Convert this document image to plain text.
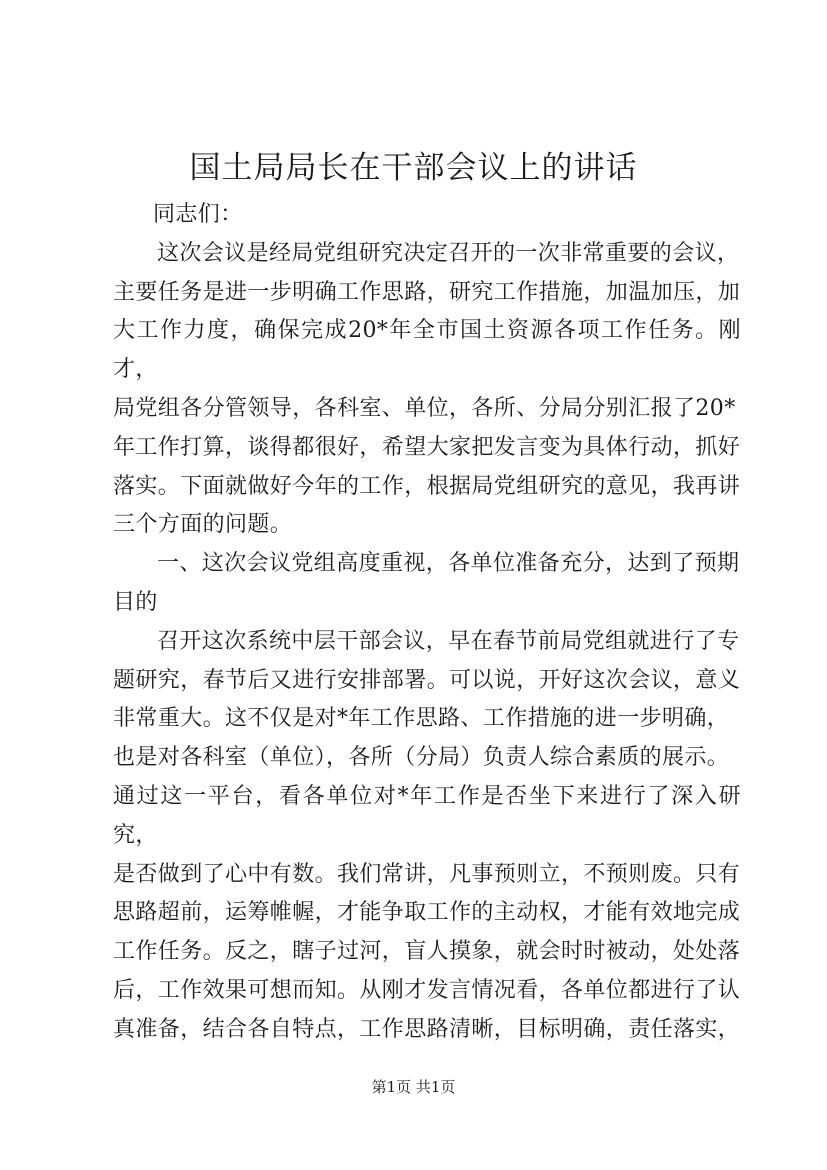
国土局局长在干部会议上的讲话

同志们：

这次会议是经局党组研究决定召开的一次非常重要的会议，
主要任务是进一步明确工作思路，研究工作措施，加温加压，加
大工作力度，确保完成20*年全市国土资源各项工作任务。刚才，
局党组各分管领导，各科室、单位，各所、分局分别汇报了20*
年工作打算，谈得都很好，希望大家把发言变为具体行动，抓好
落实。下面就做好今年的工作，根据局党组研究的意见，我再讲
三个方面的问题。

一、这次会议党组高度重视，各单位准备充分，达到了预期
目的

召开这次系统中层干部会议，早在春节前局党组就进行了专
题研究，春节后又进行安排部署。可以说，开好这次会议，意义
非常重大。这不仅是对*年工作思路、工作措施的进一步明确，
也是对各科室（单位），各所（分局）负责人综合素质的展示。
通过这一平台，看各单位对*年工作是否坐下来进行了深入研究，
是否做到了心中有数。我们常讲，凡事预则立，不预则废。只有
思路超前，运筹帷幄，才能争取工作的主动权，才能有效地完成
工作任务。反之，瞎子过河，盲人摸象，就会时时被动，处处落
后，工作效果可想而知。从刚才发言情况看，各单位都进行了认
真准备，结合各自特点，工作思路清晰，目标明确，责任落实，

第1页 共1页
